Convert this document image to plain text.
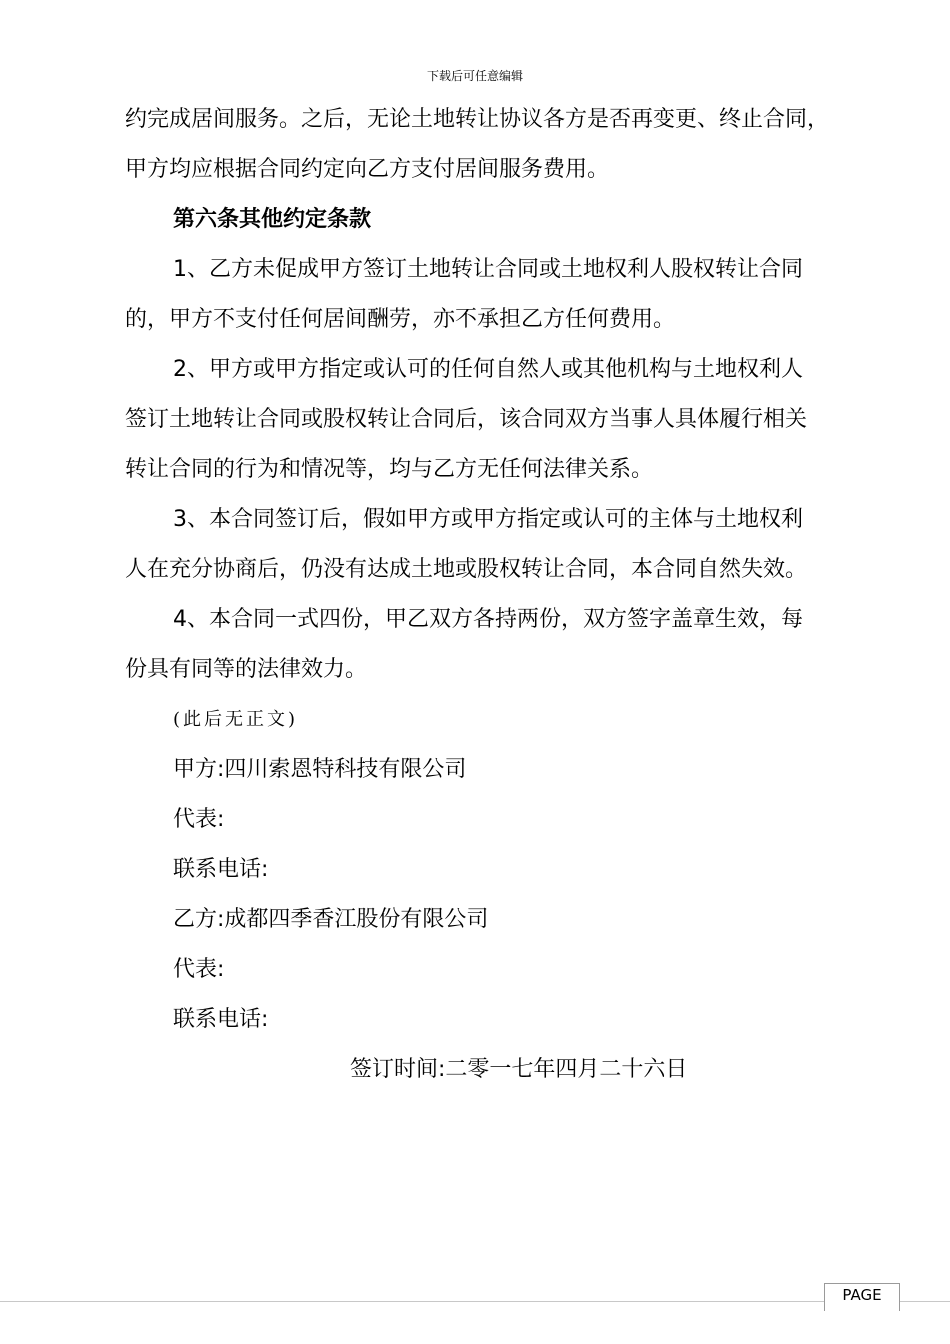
下载后可任意编辑
约完成居间服务。之后，无论土地转让协议各方是否再变更、终止合同，
甲方均应根据合同约定向乙方支付居间服务费用。
第六条其他约定条款
1、乙方未促成甲方签订土地转让合同或土地权利人股权转让合同
的，甲方不支付任何居间酬劳，亦不承担乙方任何费用。
2、甲方或甲方指定或认可的任何自然人或其他机构与土地权利人
签订土地转让合同或股权转让合同后，该合同双方当事人具体履行相关
转让合同的行为和情况等，均与乙方无任何法律关系。
3、本合同签订后，假如甲方或甲方指定或认可的主体与土地权利
人在充分协商后，仍没有达成土地或股权转让合同，本合同自然失效。
4、本合同一式四份，甲乙双方各持两份，双方签字盖章生效，每
份具有同等的法律效力。
(此后无正文)
甲方:四川索恩特科技有限公司
代表:
联系电话:
乙方:成都四季香江股份有限公司
代表:
联系电话:
签订时间:二零一七年四月二十六日
PAGE
